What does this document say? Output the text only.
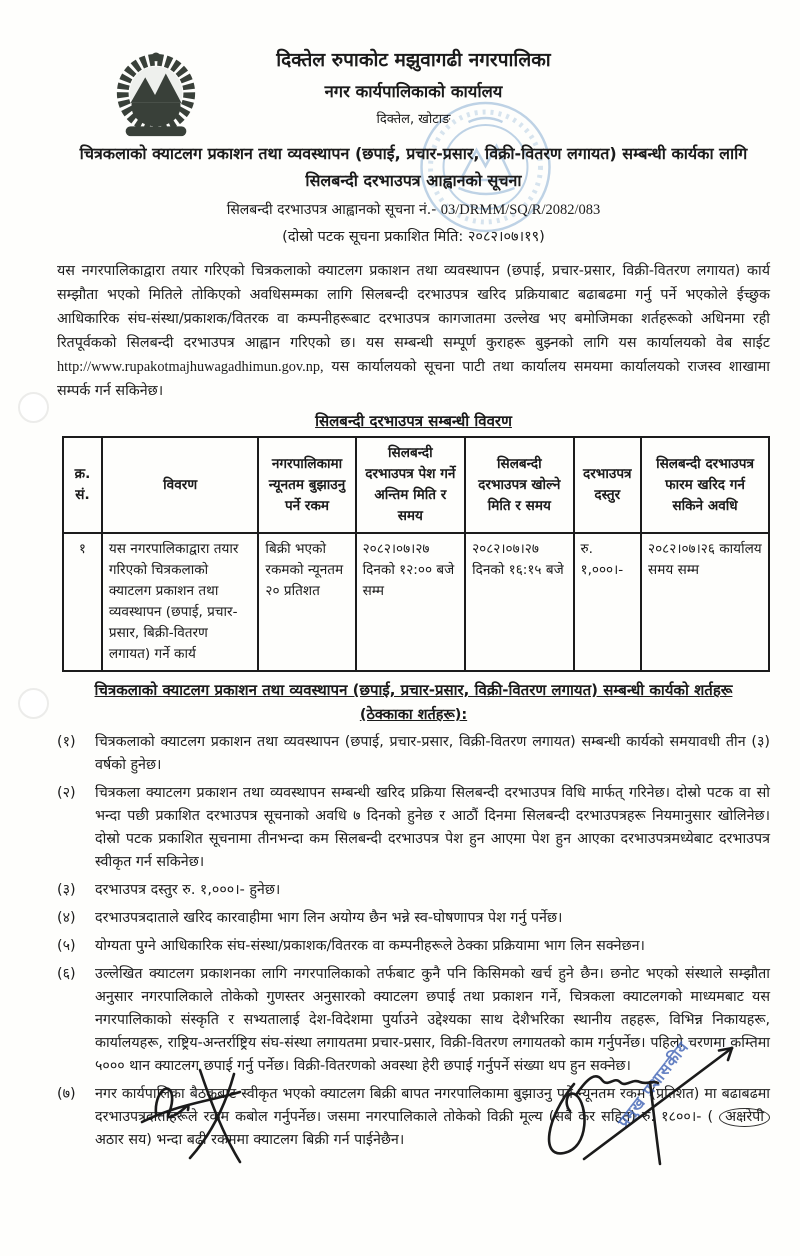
दिक्तेल रुपाकोट मझुवागढी नगरपालिका
नगर कार्यपालिकाको कार्यालय
दिक्तेल, खोटाङ
चित्रकलाको क्याटलग प्रकाशन तथा व्यवस्थापन (छपाई, प्रचार-प्रसार, विक्री-वितरण लगायत) सम्बन्धी कार्यका लागि
सिलबन्दी दरभाउपत्र आह्वानको सूचना
सिलबन्दी दरभाउपत्र आह्वानको सूचना नं.- 03/DRMM/SQ/R/2082/083
(दोस्रो पटक सूचना प्रकाशित मिति: २०८२।०७।१९)
यस नगरपालिकाद्वारा तयार गरिएको चित्रकलाको क्याटलग प्रकाशन तथा व्यवस्थापन (छपाई, प्रचार-प्रसार, विक्री-वितरण लगायत) कार्य सम्झौता भएको मितिले तोकिएको अवधिसम्मका लागि सिलबन्दी दरभाउपत्र खरिद प्रक्रियाबाट बढाबढमा गर्नु पर्ने भएकोले ईच्छुक आधिकारिक संघ-संस्था/प्रकाशक/वितरक वा कम्पनीहरूबाट दरभाउपत्र कागजातमा उल्लेख भए बमोजिमका शर्तहरूको अधिनमा रही रितपूर्वकको सिलबन्दी दरभाउपत्र आह्वान गरिएको छ। यस सम्बन्धी सम्पूर्ण कुराहरू बुझ्नको लागि यस कार्यालयको वेब साईट http://www.rupakotmajhuwagadhimun.gov.np, यस कार्यालयको सूचना पाटी तथा कार्यालय समयमा कार्यालयको राजस्व शाखामा सम्पर्क गर्न सकिनेछ।
सिलबन्दी दरभाउपत्र सम्बन्धी विवरण
क्र. सं.	विवरण	नगरपालिकामा न्यूनतम बुझाउनु पर्ने रकम	सिलबन्दी दरभाउपत्र पेश गर्ने अन्तिम मिति र समय	सिलबन्दी दरभाउपत्र खोल्ने मिति र समय	दरभाउपत्र दस्तुर	सिलबन्दी दरभाउपत्र फारम खरिद गर्न सकिने अवधि
१	यस नगरपालिकाद्वारा तयार गरिएको चित्रकलाको क्याटलग प्रकाशन तथा व्यवस्थापन (छपाई, प्रचार-प्रसार, बिक्री-वितरण लगायत) गर्ने कार्य	बिक्री भएको रकमको न्यूनतम २० प्रतिशत	२०८२।०७।२७ दिनको १२:०० बजे सम्म	२०८२।०७।२७ दिनको १६:१५ बजे	रु. १,०००।-	२०८२।०७।२६ कार्यालय समय सम्म
चित्रकलाको क्याटलग प्रकाशन तथा व्यवस्थापन (छपाई, प्रचार-प्रसार, विक्री-वितरण लगायत) सम्बन्धी कार्यको शर्तहरू
(ठेक्काका शर्तहरू):
(१)	चित्रकलाको क्याटलग प्रकाशन तथा व्यवस्थापन (छपाई, प्रचार-प्रसार, विक्री-वितरण लगायत) सम्बन्धी कार्यको समयावधी तीन (३) वर्षको हुनेछ।
(२)	चित्रकला क्याटलग प्रकाशन तथा व्यवस्थापन सम्बन्धी खरिद प्रक्रिया सिलबन्दी दरभाउपत्र विधि मार्फत् गरिनेछ। दोस्रो पटक वा सो भन्दा पछी प्रकाशित दरभाउपत्र सूचनाको अवधि ७ दिनको हुनेछ र आठौं दिनमा सिलबन्दी दरभाउपत्रहरू नियमानुसार खोलिनेछ। दोस्रो पटक प्रकाशित सूचनामा तीनभन्दा कम सिलबन्दी दरभाउपत्र पेश हुन आएमा पेश हुन आएका दरभाउपत्रमध्येबाट दरभाउपत्र स्वीकृत गर्न सकिनेछ।
(३)	दरभाउपत्र दस्तुर रु. १,०००।- हुनेछ।
(४)	दरभाउपत्रदाताले खरिद कारवाहीमा भाग लिन अयोग्य छैन भन्ने स्व-घोषणापत्र पेश गर्नु पर्नेछ।
(५)	योग्यता पुग्ने आधिकारिक संघ-संस्था/प्रकाशक/वितरक वा कम्पनीहरूले ठेक्का प्रक्रियामा भाग लिन सक्नेछन।
(६)	उल्लेखित क्याटलग प्रकाशनका लागि नगरपालिकाको तर्फबाट कुनै पनि किसिमको खर्च हुने छैन। छनोट भएको संस्थाले सम्झौता अनुसार नगरपालिकाले तोकेको गुणस्तर अनुसारको क्याटलग छपाई तथा प्रकाशन गर्ने, चित्रकला क्याटलगको माध्यमबाट यस नगरपालिकाको संस्कृति र सभ्यतालाई देश-विदेशमा पुर्याउने उद्देश्यका साथ देशैभरिका स्थानीय तहहरू, विभिन्न निकायहरू, कार्यालयहरू, राष्ट्रिय-अन्तर्राष्ट्रिय संघ-संस्था लगायतमा प्रचार-प्रसार, विक्री-वितरण लगायतको काम गर्नुपर्नेछ। पहिलो चरणमा कम्तिमा ५००० थान क्याटलग छपाई गर्नु पर्नेछ। विक्री-वितरणको अवस्था हेरी छपाई गर्नुपर्ने संख्या थप हुन सक्नेछ।
(७)	नगर कार्यपालिका बैठकबाट स्वीकृत भएको क्याटलग बिक्री बापत नगरपालिकामा बुझाउनु पर्ने न्यूनतम रकम (प्रतिशत) मा बढाबढमा दरभाउपत्रदाताहरूले रकम कबोल गर्नुपर्नेछ। जसमा नगरपालिकाले तोकेको विक्री मूल्य (सबै कर सहित) रु. १८००।- ( अक्षरेपी अठार सय) भन्दा बढी रकममा क्याटलग बिक्री गर्न पाईनेछैन।
प्रमुख प्रशासकीय
